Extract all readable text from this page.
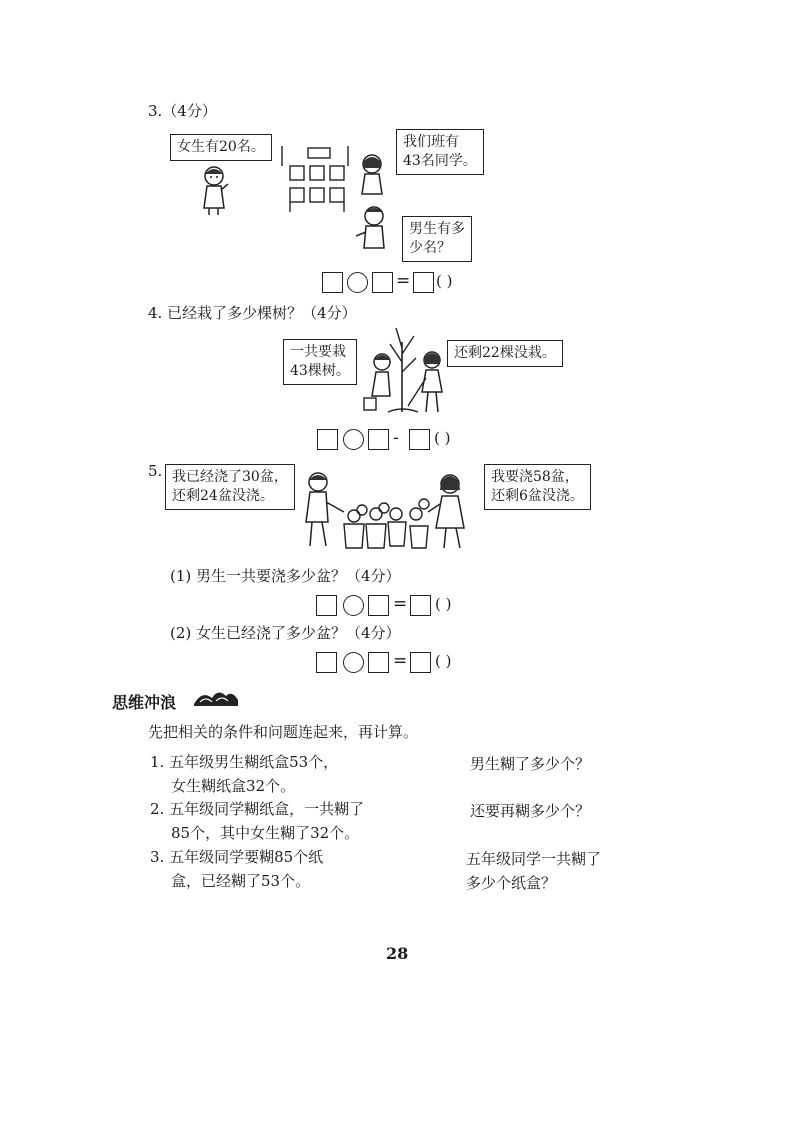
3.（4分）
女生有20名。	我们班有
43名同学。
男生有多
少名？
= ( )
4. 已经栽了多少棵树？（4分）
一共要栽
43棵树。
还剩22棵没栽。
- ( )
5. 我已经浇了30盆，
还剩24盆没浇。
我要浇58盆，
还剩6盆没浇。
(1) 男生一共要浇多少盆？（4分）
= ( )
(2) 女生已经浇了多少盆？（4分）
= ( )
思维冲浪
先把相关的条件和问题连起来，再计算。
1. 五年级男生糊纸盒53个，
女生糊纸盒32个。
2. 五年级同学糊纸盒，一共糊了
85个，其中女生糊了32个。
3. 五年级同学要糊85个纸
盒，已经糊了53个。
男生糊了多少个？
还要再糊多少个？
五年级同学一共糊了
多少个纸盒？
28
